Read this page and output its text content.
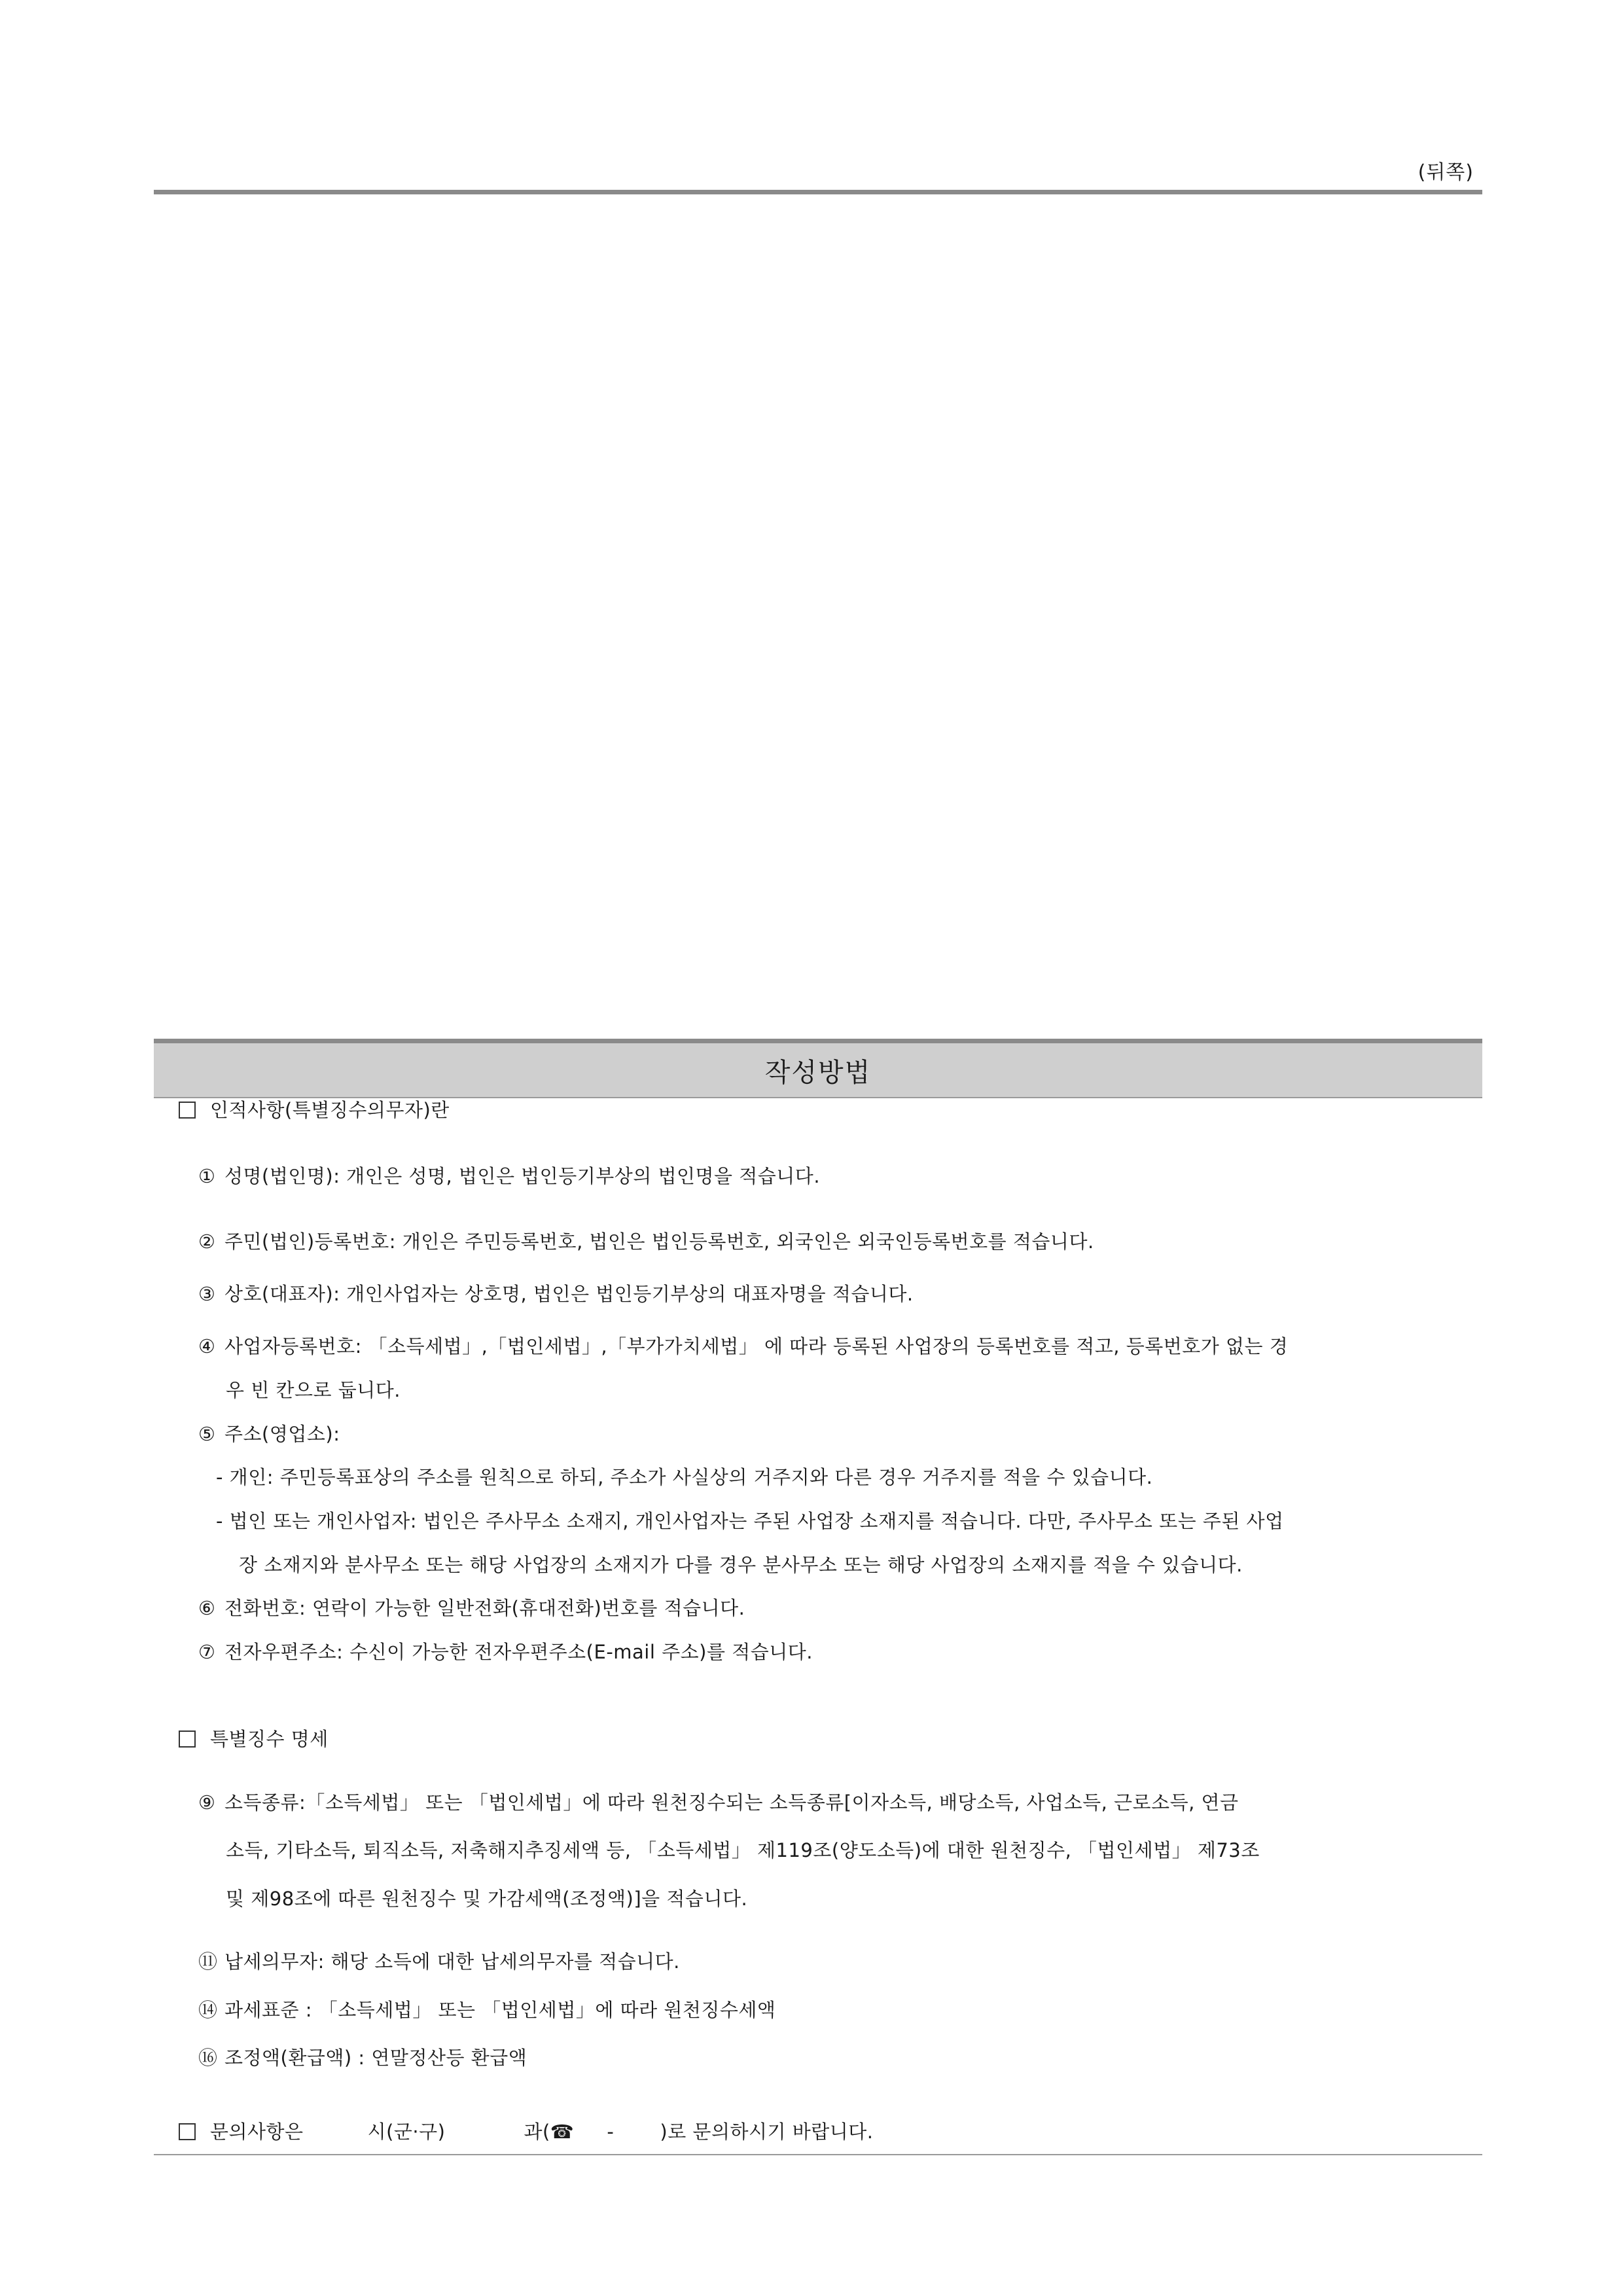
(뒤쪽)
작성방법
인적사항(특별징수의무자)란
① 성명(법인명): 개인은 성명, 법인은 법인등기부상의 법인명을 적습니다.
② 주민(법인)등록번호: 개인은 주민등록번호, 법인은 법인등록번호, 외국인은 외국인등록번호를 적습니다.
③ 상호(대표자): 개인사업자는 상호명, 법인은 법인등기부상의 대표자명을 적습니다.
④ 사업자등록번호: 「소득세법」,「법인세법」,「부가가치세법」 에 따라 등록된 사업장의 등록번호를 적고, 등록번호가 없는 경
우 빈 칸으로 둡니다.
⑤ 주소(영업소):
- 개인: 주민등록표상의 주소를 원칙으로 하되, 주소가 사실상의 거주지와 다른 경우 거주지를 적을 수 있습니다.
- 법인 또는 개인사업자: 법인은 주사무소 소재지, 개인사업자는 주된 사업장 소재지를 적습니다. 다만, 주사무소 또는 주된 사업
장 소재지와 분사무소 또는 해당 사업장의 소재지가 다를 경우 분사무소 또는 해당 사업장의 소재지를 적을 수 있습니다.
⑥ 전화번호: 연락이 가능한 일반전화(휴대전화)번호를 적습니다.
⑦ 전자우편주소: 수신이 가능한 전자우편주소(E-mail 주소)를 적습니다.
특별징수 명세
⑨ 소득종류:「소득세법」 또는 「법인세법」에 따라 원천징수되는 소득종류[이자소득, 배당소득, 사업소득, 근로소득, 연금
소득, 기타소득, 퇴직소득, 저축해지추징세액 등, 「소득세법」 제119조(양도소득)에 대한 원천징수, 「법인세법」 제73조
및 제98조에 따른 원천징수 및 가감세액(조정액)]을 적습니다.
⑪ 납세의무자: 해당 소득에 대한 납세의무자를 적습니다.
⑭ 과세표준 : 「소득세법」 또는 「법인세법」에 따라 원천징수세액
⑯ 조정액(환급액) : 연말정산등 환급액
문의사항은	시(군·구)	과(☎ - )로 문의하시기 바랍니다.
